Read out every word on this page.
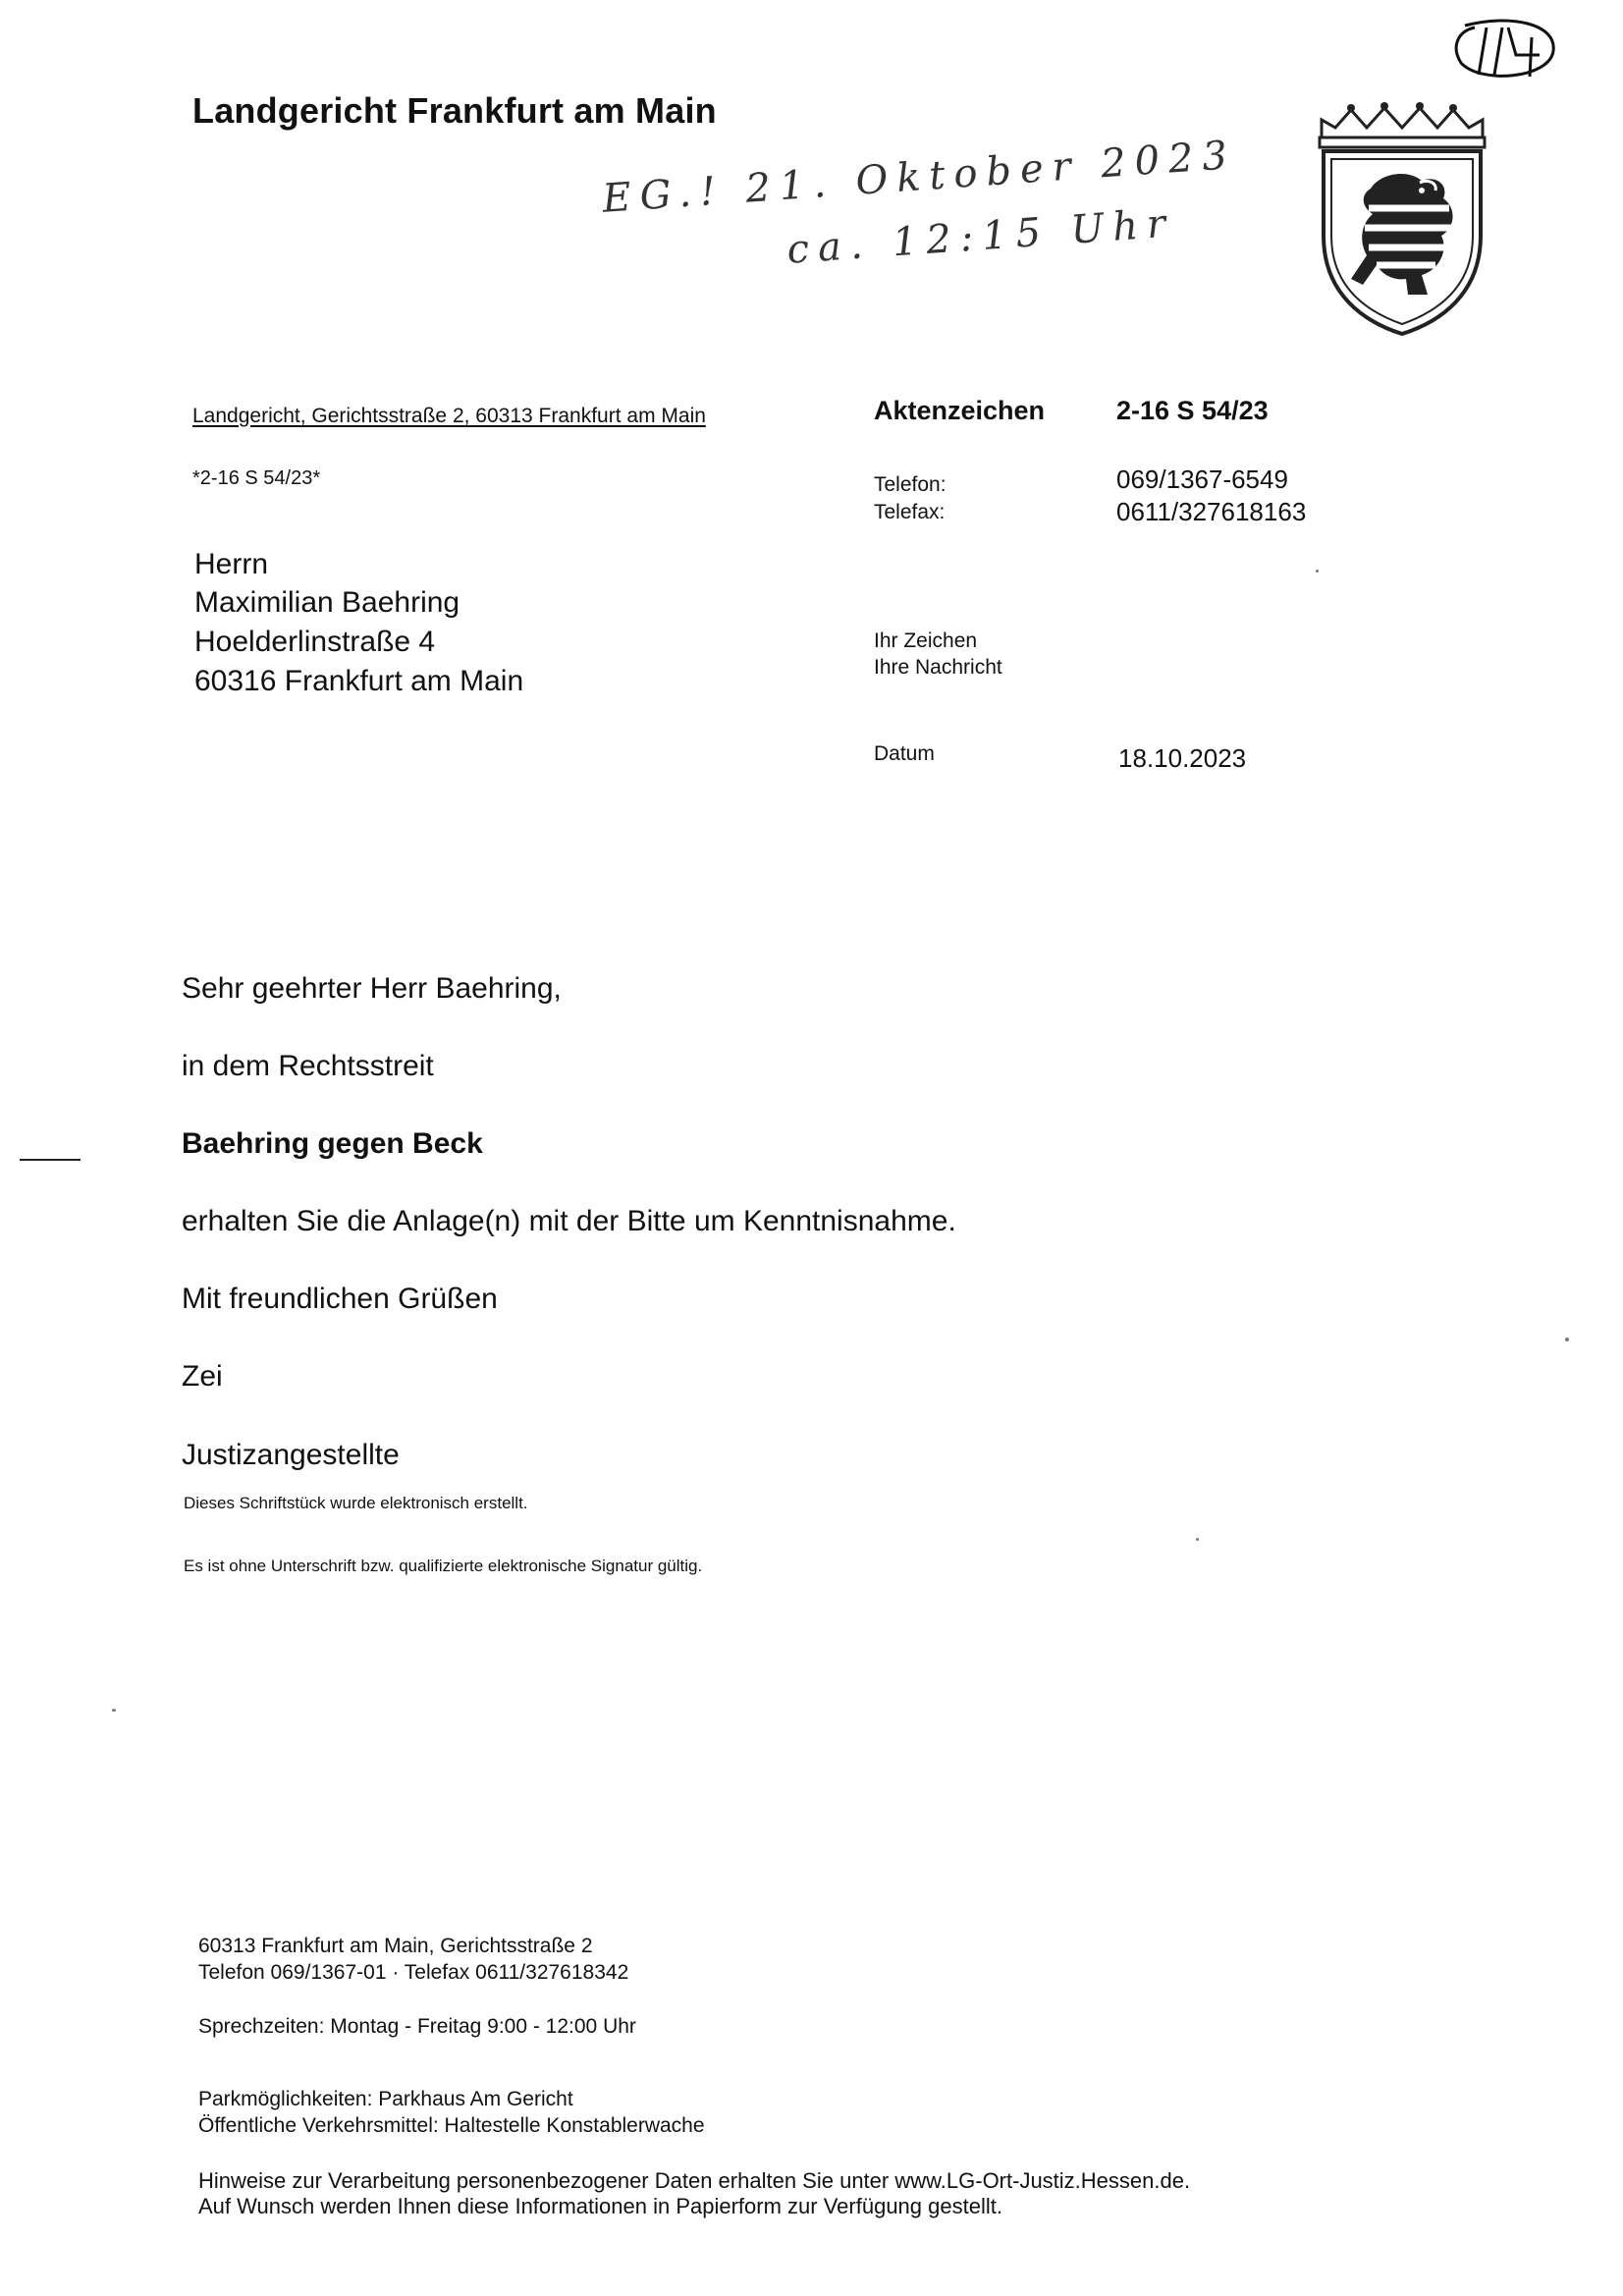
Landgericht Frankfurt am Main
EG.! 21. Oktober 2023
ca. 12:15 Uhr
Landgericht, Gerichtsstraße 2, 60313 Frankfurt am Main
*2-16 S 54/23*
Herrn
Maximilian Baehring
Hoelderlinstraße 4
60316 Frankfurt am Main
Aktenzeichen	2-16 S 54/23
Telefon:	069/1367-6549
Telefax:	0611/327618163
Ihr Zeichen
Ihre Nachricht
Datum	18.10.2023
Sehr geehrter Herr Baehring,
in dem Rechtsstreit
Baehring gegen Beck
erhalten Sie die Anlage(n) mit der Bitte um Kenntnisnahme.
Mit freundlichen Grüßen
Zei
Justizangestellte
Dieses Schriftstück wurde elektronisch erstellt.
Es ist ohne Unterschrift bzw. qualifizierte elektronische Signatur gültig.
60313 Frankfurt am Main, Gerichtsstraße 2
Telefon 069/1367-01 · Telefax 0611/327618342
Sprechzeiten: Montag - Freitag 9:00 - 12:00 Uhr
Parkmöglichkeiten: Parkhaus Am Gericht
Öffentliche Verkehrsmittel: Haltestelle Konstablerwache
Hinweise zur Verarbeitung personenbezogener Daten erhalten Sie unter www.LG-Ort-Justiz.Hessen.de.
Auf Wunsch werden Ihnen diese Informationen in Papierform zur Verfügung gestellt.
